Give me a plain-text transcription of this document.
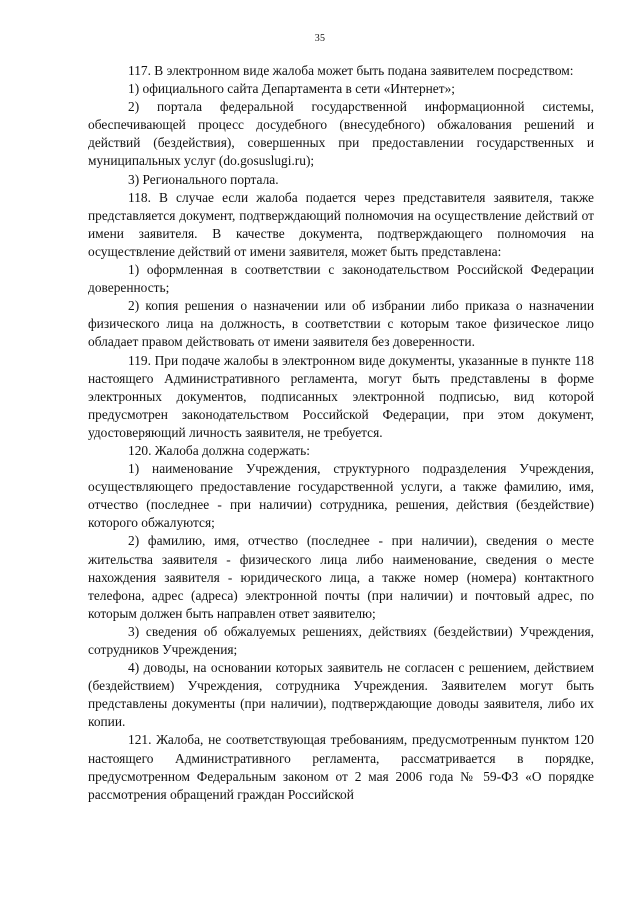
35

117. В электронном виде жалоба может быть подана заявителем посредством:

1) официального сайта Департамента в сети «Интернет»;

2) портала федеральной государственной информационной системы, обеспечивающей процесс досудебного (внесудебного) обжалования решений и действий (бездействия), совершенных при предоставлении государственных и муниципальных услуг (do.gosuslugi.ru);

3) Регионального портала.

118. В случае если жалоба подается через представителя заявителя, также представляется документ, подтверждающий полномочия на осуществление действий от имени заявителя. В качестве документа, подтверждающего полномочия на осуществление действий от имени заявителя, может быть представлена:

1) оформленная в соответствии с законодательством Российской Федерации доверенность;

2) копия решения о назначении или об избрании либо приказа о назначении физического лица на должность, в соответствии с которым такое физическое лицо обладает правом действовать от имени заявителя без доверенности.

119. При подаче жалобы в электронном виде документы, указанные в пункте 118 настоящего Административного регламента, могут быть представлены в форме электронных документов, подписанных электронной подписью, вид которой предусмотрен законодательством Российской Федерации, при этом документ, удостоверяющий личность заявителя, не требуется.

120. Жалоба должна содержать:

1) наименование Учреждения, структурного подразделения Учреждения, осуществляющего предоставление государственной услуги, а также фамилию, имя, отчество (последнее - при наличии) сотрудника, решения, действия (бездействие) которого обжалуются;

2) фамилию, имя, отчество (последнее - при наличии), сведения о месте жительства заявителя - физического лица либо наименование, сведения о месте нахождения заявителя - юридического лица, а также номер (номера) контактного телефона, адрес (адреса) электронной почты (при наличии) и почтовый адрес, по которым должен быть направлен ответ заявителю;

3) сведения об обжалуемых решениях, действиях (бездействии) Учреждения, сотрудников Учреждения;

4) доводы, на основании которых заявитель не согласен с решением, действием (бездействием) Учреждения, сотрудника Учреждения. Заявителем могут быть представлены документы (при наличии), подтверждающие доводы заявителя, либо их копии.

121. Жалоба, не соответствующая требованиям, предусмотренным пунктом 120 настоящего Административного регламента, рассматривается в порядке, предусмотренном Федеральным законом от 2 мая 2006 года № 59-ФЗ «О порядке рассмотрения обращений граждан Российской
